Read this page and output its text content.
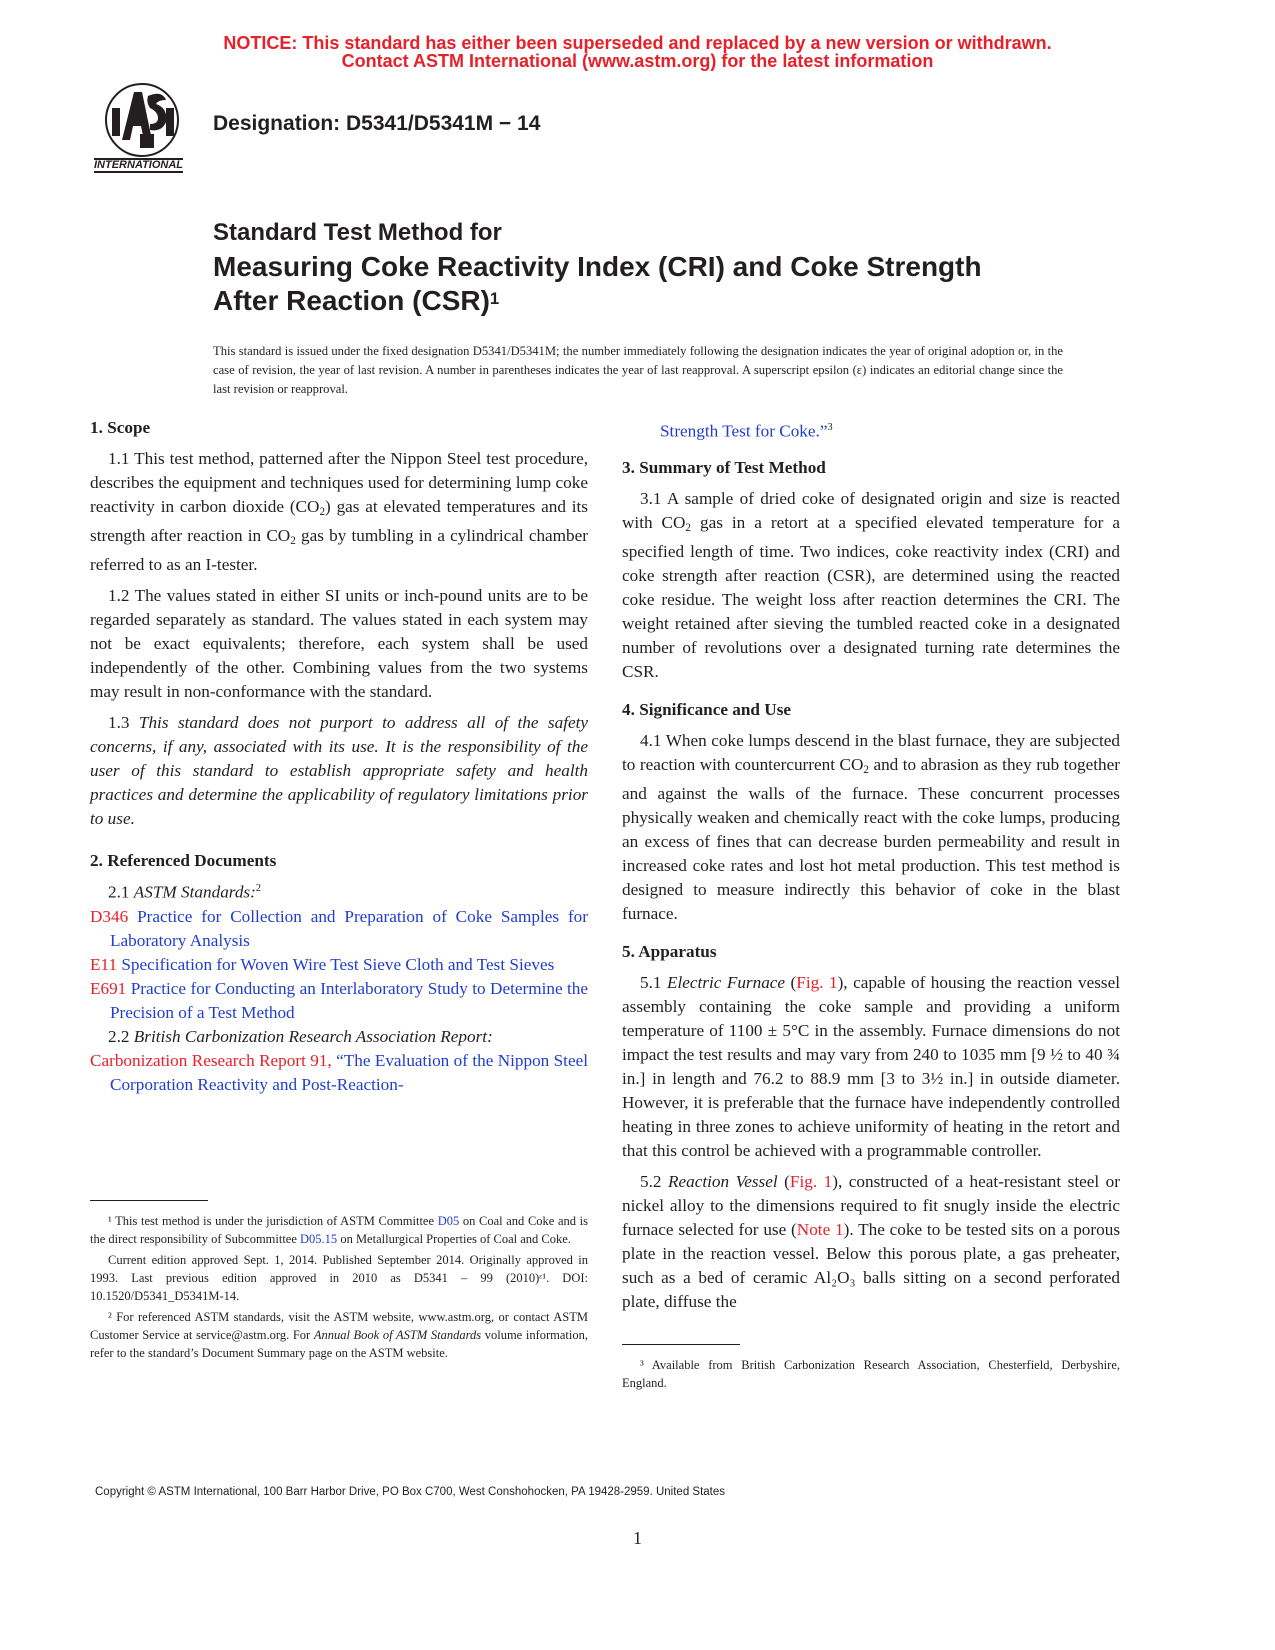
NOTICE: This standard has either been superseded and replaced by a new version or withdrawn.
Contact ASTM International (www.astm.org) for the latest information
INTERNATIONAL
Designation: D5341/D5341M − 14
Standard Test Method for
Measuring Coke Reactivity Index (CRI) and Coke Strength
After Reaction (CSR)$^1$
This standard is issued under the fixed designation D5341/D5341M; the number immediately following the designation indicates the year of original adoption or, in the case of revision, the year of last revision. A number in parentheses indicates the year of last reapproval. A superscript epsilon (ε) indicates an editorial change since the last revision or reapproval.

1. Scope

1.1 This test method, patterned after the Nippon Steel test procedure, describes the equipment and techniques used for determining lump coke reactivity in carbon dioxide $(CO_2)$ gas at elevated temperatures and its strength after reaction in $CO_2$ gas by tumbling in a cylindrical chamber referred to as an I-tester.

1.2 The values stated in either SI units or inch-pound units are to be regarded separately as standard. The values stated in each system may not be exact equivalents; therefore, each system shall be used independently of the other. Combining values from the two systems may result in non-conformance with the standard.

1.3 This standard does not purport to address all of the safety concerns, if any, associated with its use. It is the responsibility of the user of this standard to establish appropriate safety and health practices and determine the applicability of regulatory limitations prior to use.

2. Referenced Documents

2.1 ASTM Standards:$^2$

D346 Practice for Collection and Preparation of Coke Samples for Laboratory Analysis

E11 Specification for Woven Wire Test Sieve Cloth and Test Sieves

E691 Practice for Conducting an Interlaboratory Study to Determine the Precision of a Test Method

2.2 British Carbonization Research Association Report:

Carbonization Research Report 91, “The Evaluation of the Nippon Steel Corporation Reactivity and Post-Reaction-

¹ This test method is under the jurisdiction of ASTM Committee D05 on Coal and Coke and is the direct responsibility of Subcommittee D05.15 on Metallurgical Properties of Coal and Coke.

Current edition approved Sept. 1, 2014. Published September 2014. Originally approved in 1993. Last previous edition approved in 2010 as D5341 – 99 (2010)ᵋ¹. DOI: 10.1520/D5341_D5341M-14.

² For referenced ASTM standards, visit the ASTM website, www.astm.org, or contact ASTM Customer Service at service@astm.org. For Annual Book of ASTM Standards volume information, refer to the standard’s Document Summary page on the ASTM website.

Strength Test for Coke.”$^3$

3. Summary of Test Method

3.1 A sample of dried coke of designated origin and size is reacted with $CO_2$ gas in a retort at a specified elevated temperature for a specified length of time. Two indices, coke reactivity index (CRI) and coke strength after reaction (CSR), are determined using the reacted coke residue. The weight loss after reaction determines the CRI. The weight retained after sieving the tumbled reacted coke in a designated number of revolutions over a designated turning rate determines the CSR.

4. Significance and Use

4.1 When coke lumps descend in the blast furnace, they are subjected to reaction with countercurrent $CO_2$ and to abrasion as they rub together and against the walls of the furnace. These concurrent processes physically weaken and chemically react with the coke lumps, producing an excess of fines that can decrease burden permeability and result in increased coke rates and lost hot metal production. This test method is designed to measure indirectly this behavior of coke in the blast furnace.

5. Apparatus

5.1 Electric Furnace (Fig. 1), capable of housing the reaction vessel assembly containing the coke sample and providing a uniform temperature of 1100 ± 5°C in the assembly. Furnace dimensions do not impact the test results and may vary from 240 to 1035 mm [9 ½ to 40 ¾ in.] in length and 76.2 to 88.9 mm [3 to 3½ in.] in outside diameter. However, it is preferable that the furnace have independently controlled heating in three zones to achieve uniformity of heating in the retort and that this control be achieved with a programmable controller.

5.2 Reaction Vessel (Fig. 1), constructed of a heat-resistant steel or nickel alloy to the dimensions required to fit snugly inside the electric furnace selected for use (Note 1). The coke to be tested sits on a porous plate in the reaction vessel. Below this porous plate, a gas preheater, such as a bed of ceramic Al₂O₃ balls sitting on a second perforated plate, diffuse the

³ Available from British Carbonization Research Association, Chesterfield, Derbyshire, England.

Copyright © ASTM International, 100 Barr Harbor Drive, PO Box C700, West Conshohocken, PA 19428-2959. United States
1
